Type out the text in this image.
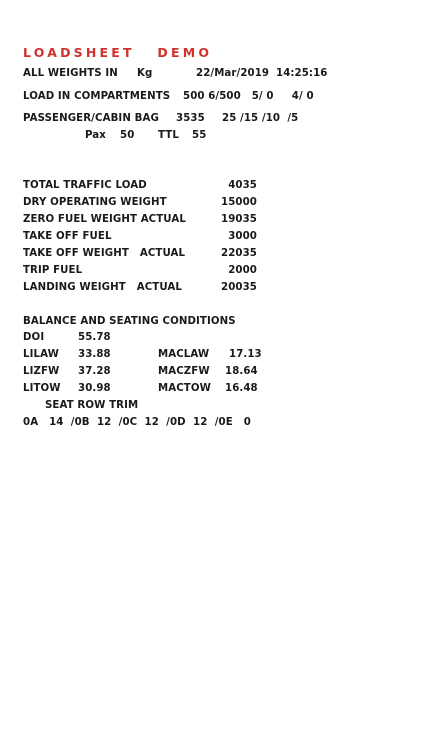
LOADSHEET   DEMO
ALL WEIGHTS IN Kg	22/Mar/2019 14:25:16
LOAD IN COMPARTMENTS 500 6/500   5/ 0     4/ 0
PASSENGER/CABIN BAG 3535 25 /15 /10  /5
Pax 50 TTL 55
TOTAL TRAFFIC LOAD	4035
DRY OPERATING WEIGHT	15000
ZERO FUEL WEIGHT ACTUAL	19035
TAKE OFF FUEL	3000
TAKE OFF WEIGHT   ACTUAL	22035
TRIP FUEL	2000
LANDING WEIGHT   ACTUAL	20035
BALANCE AND SEATING CONDITIONS
DOI	55.78
LILAW 33.88	MACLAW 17.13
LIZFW 37.28	MACZFW 18.64
LITOW 30.98	MACTOW 16.48
SEAT ROW TRIM
0A   14  /0B  12  /0C  12  /0D  12  /0E   0
